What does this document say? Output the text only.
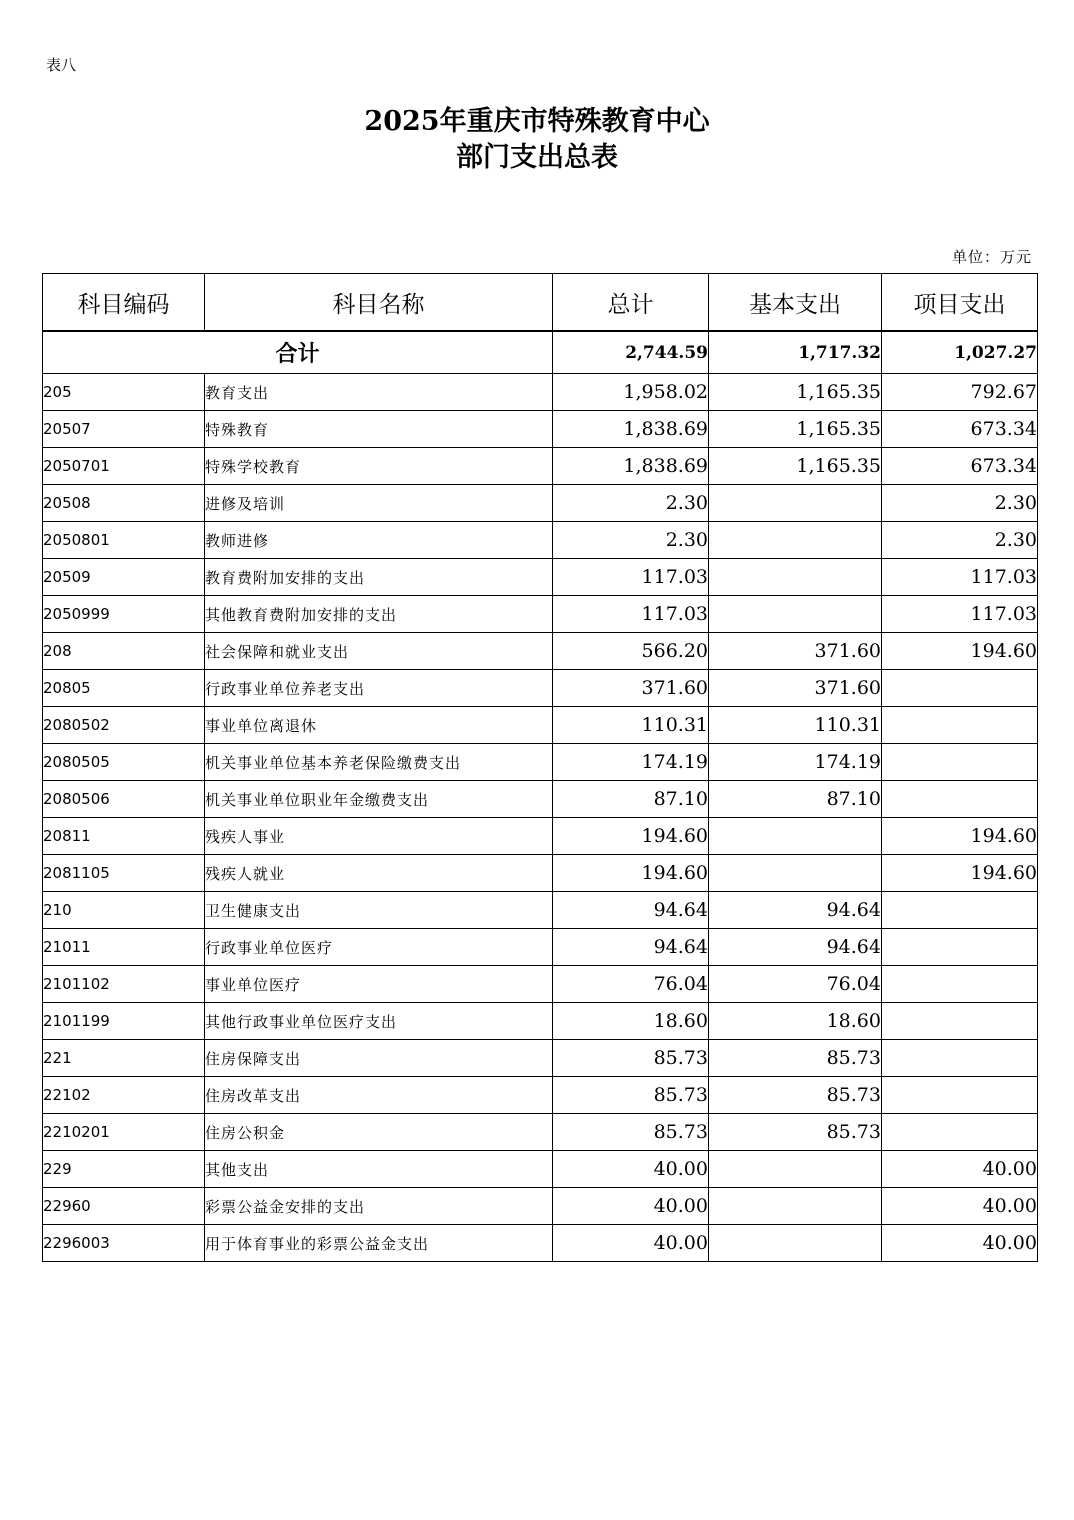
表八
2025年重庆市特殊教育中心
部门支出总表
单位：万元
科目编码	科目名称	总计	基本支出	项目支出
合计		2,744.59	1,717.32	1,027.27
205	教育支出	1,958.02	1,165.35	792.67
20507	特殊教育	1,838.69	1,165.35	673.34
2050701	特殊学校教育	1,838.69	1,165.35	673.34
20508	进修及培训	2.30		2.30
2050801	教师进修	2.30		2.30
20509	教育费附加安排的支出	117.03		117.03
2050999	其他教育费附加安排的支出	117.03		117.03
208	社会保障和就业支出	566.20	371.60	194.60
20805	行政事业单位养老支出	371.60	371.60	
2080502	事业单位离退休	110.31	110.31	
2080505	机关事业单位基本养老保险缴费支出	174.19	174.19	
2080506	机关事业单位职业年金缴费支出	87.10	87.10	
20811	残疾人事业	194.60		194.60
2081105	残疾人就业	194.60		194.60
210	卫生健康支出	94.64	94.64	
21011	行政事业单位医疗	94.64	94.64	
2101102	事业单位医疗	76.04	76.04	
2101199	其他行政事业单位医疗支出	18.60	18.60	
221	住房保障支出	85.73	85.73	
22102	住房改革支出	85.73	85.73	
2210201	住房公积金	85.73	85.73	
229	其他支出	40.00		40.00
22960	彩票公益金安排的支出	40.00		40.00
2296003	用于体育事业的彩票公益金支出	40.00		40.00
